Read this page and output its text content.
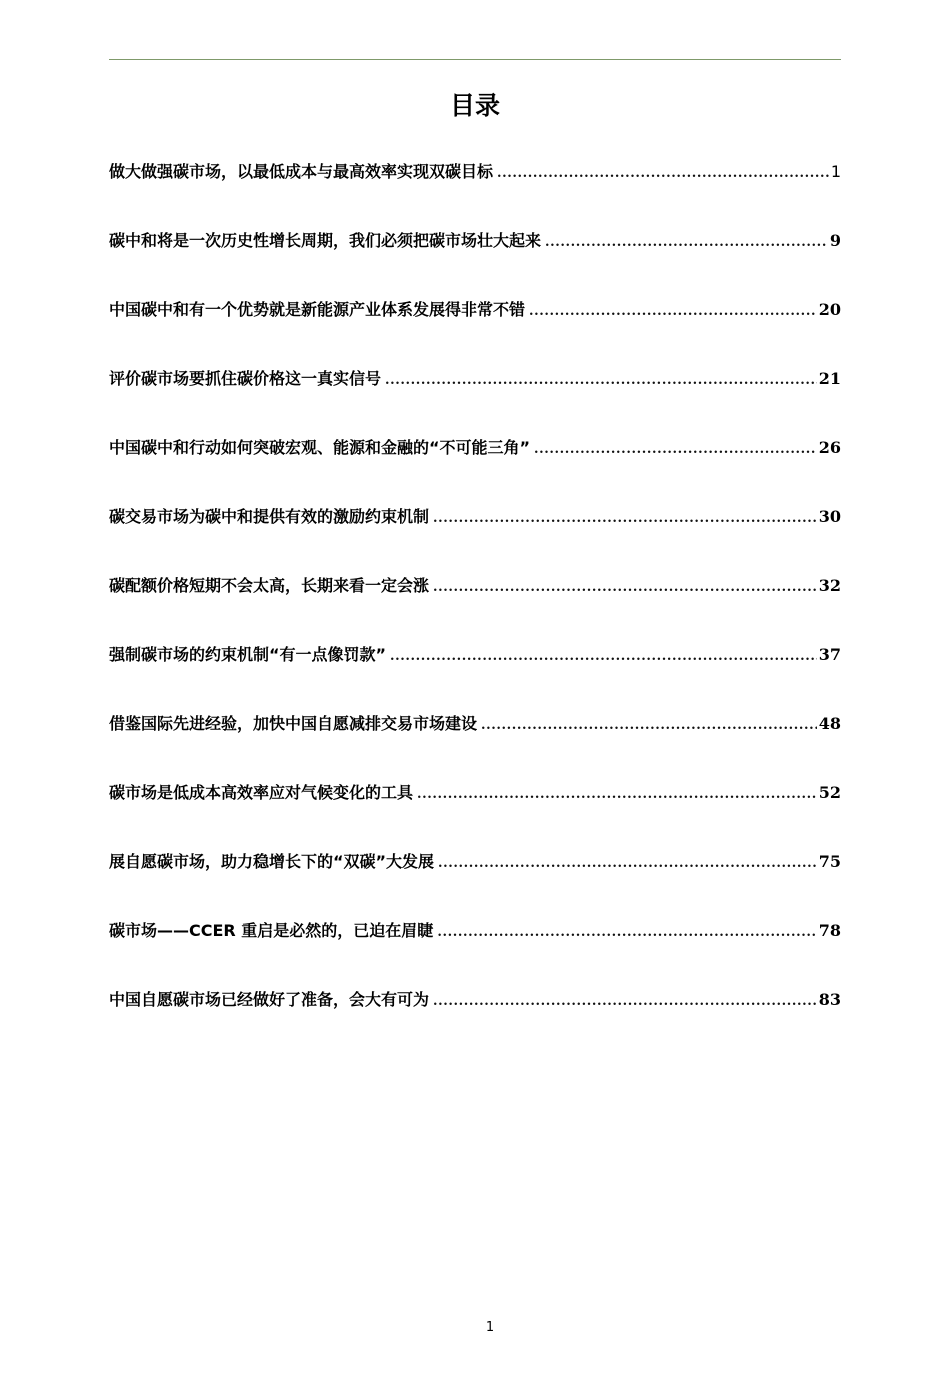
目录
做大做强碳市场，以最低成本与最高效率实现双碳目标 .....	1
碳中和将是一次历史性增长周期，我们必须把碳市场壮大起来 .....	9
中国碳中和有一个优势就是新能源产业体系发展得非常不错 .....	20
评价碳市场要抓住碳价格这一真实信号 .....	21
中国碳中和行动如何突破宏观、能源和金融的“不可能三角” .....	26
碳交易市场为碳中和提供有效的激励约束机制 .....	30
碳配额价格短期不会太高，长期来看一定会涨 .....	32
强制碳市场的约束机制“有一点像罚款” .....	37
借鉴国际先进经验，加快中国自愿减排交易市场建设 .....	48
碳市场是低成本高效率应对气候变化的工具 .....	52
展自愿碳市场，助力稳增长下的“双碳”大发展 .....	75
碳市场——CCER 重启是必然的，已迫在眉睫 .....	78
中国自愿碳市场已经做好了准备，会大有可为 .....	83
1
